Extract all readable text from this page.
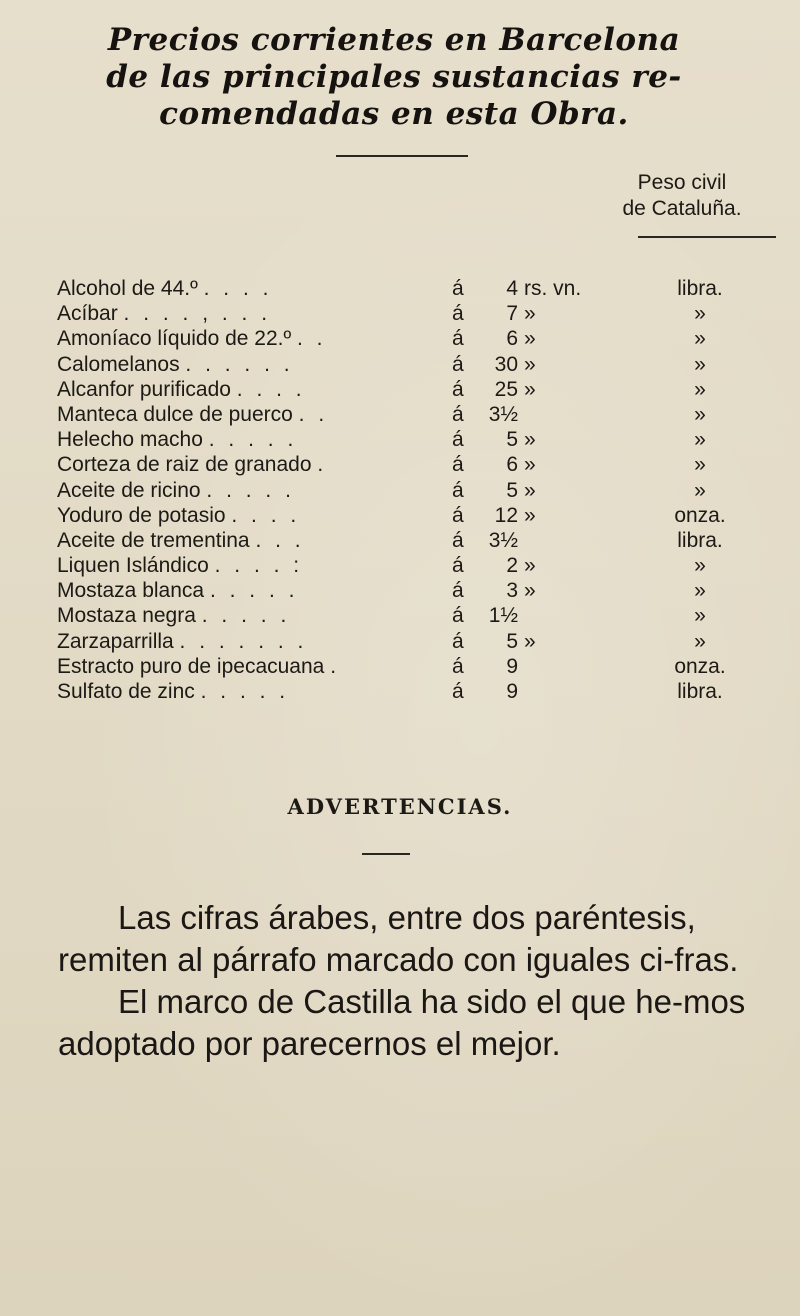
Precios corrientes en Barcelona
de las principales sustancias re-
comendadas en esta Obra.
Peso civil
de Cataluña.
Alcohol de 44.º . . . .	á	4 rs. vn.	libra.
Acíbar . . . . , . . .	á	7 »	»
Amoníaco líquido de 22.º . .	á	6 »	»
Calomelanos . . . . . .	á	30 »	»
Alcanfor purificado . . . .	á	25 »	»
Manteca dulce de puerco . .	á	3½	»
Helecho macho . . . . .	á	5 »	»
Corteza de raiz de granado .	á	6 »	»
Aceite de ricino . . . . .	á	5 »	»
Yoduro de potasio . . . .	á	12 »	onza.
Aceite de trementina . . .	á	3½	libra.
Liquen Islándico . . . . :	á	2 »	»
Mostaza blanca . . . . .	á	3 »	»
Mostaza negra . . . . .	á	1½	»
Zarzaparrilla . . . . . . .	á	5 »	»
Estracto puro de ipecacuana .	á	9	onza.
Sulfato de zinc . . . . .	á	9	libra.
ADVERTENCIAS.

Las cifras árabes, entre dos paréntesis, remiten al párrafo marcado con iguales ci-fras.

El marco de Castilla ha sido el que he-mos adoptado por parecernos el mejor.
